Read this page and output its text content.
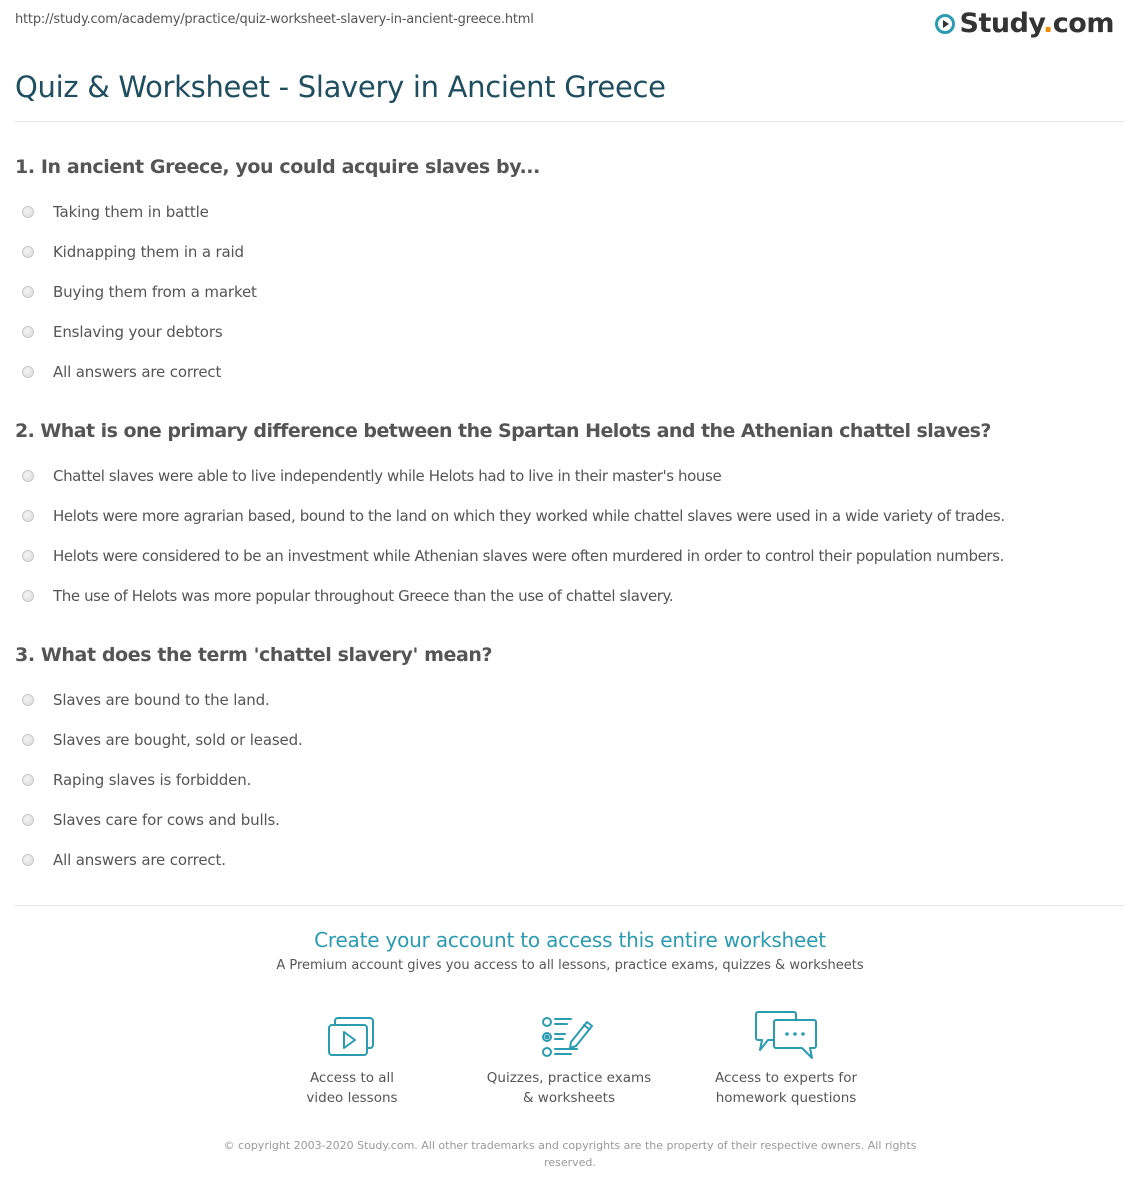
http://study.com/academy/practice/quiz-worksheet-slavery-in-ancient-greece.html	Study.com
Quiz & Worksheet - Slavery in Ancient Greece
1. In ancient Greece, you could acquire slaves by...
Taking them in battle
Kidnapping them in a raid
Buying them from a market
Enslaving your debtors
All answers are correct
2. What is one primary difference between the Spartan Helots and the Athenian chattel slaves?
Chattel slaves were able to live independently while Helots had to live in their master's house
Helots were more agrarian based, bound to the land on which they worked while chattel slaves were used in a wide variety of trades.
Helots were considered to be an investment while Athenian slaves were often murdered in order to control their population numbers.
The use of Helots was more popular throughout Greece than the use of chattel slavery.
3. What does the term 'chattel slavery' mean?
Slaves are bound to the land.
Slaves are bought, sold or leased.
Raping slaves is forbidden.
Slaves care for cows and bulls.
All answers are correct.
Create your account to access this entire worksheet
A Premium account gives you access to all lessons, practice exams, quizzes & worksheets
Access to all
video lessons
Quizzes, practice exams
& worksheets
Access to experts for
homework questions
© copyright 2003-2020 Study.com. All other trademarks and copyrights are the property of their respective owners. All rights reserved.
